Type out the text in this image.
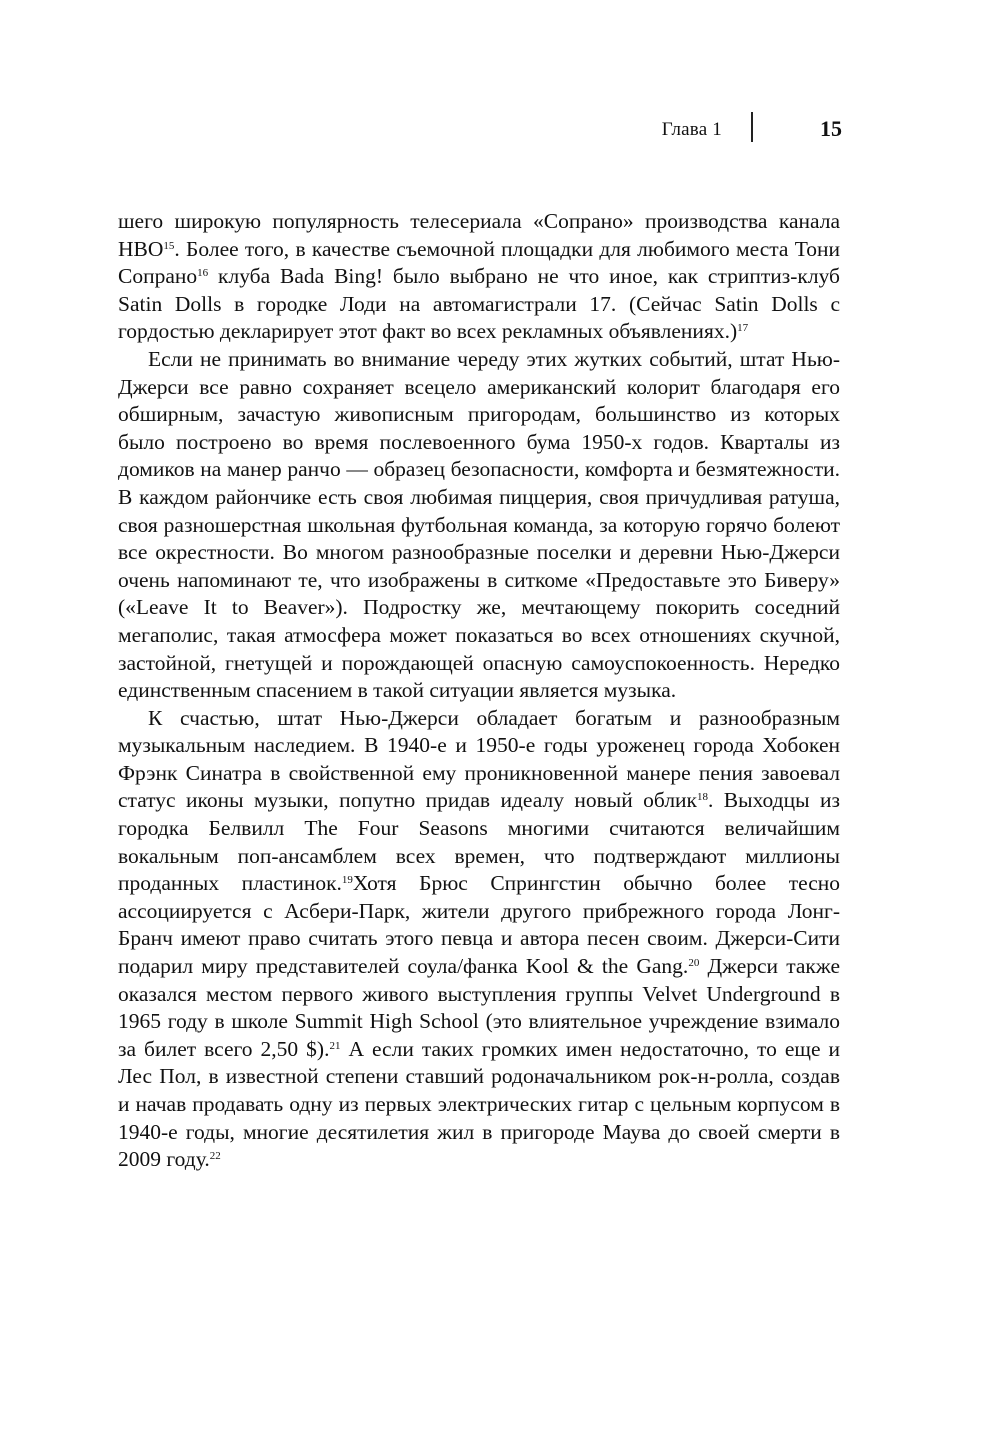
Глава 1	15

шего широкую популярность телесериала «Сопрано» производства канала HBO$^{15}$. Более того, в качестве съемочной площадки для любимого места Тони Сопрано$^{16}$ клуба Bada Bing! было выбрано не что иное, как стриптиз-клуб Satin Dolls в городке Лоди на автомагистрали 17. (Сейчас Satin Dolls с гордостью декларирует этот факт во всех рекламных объявлениях.)$^{17}$

Если не принимать во внимание череду этих жутких событий, штат Нью-Джерси все равно сохраняет всецело американский колорит благодаря его обширным, зачастую живописным пригородам, большинство из которых было построено во время послевоенного бума 1950-х годов. Кварталы из домиков на манер ранчо — образец безопасности, комфорта и безмятежности. В каждом райончике есть своя любимая пиццерия, своя причудливая ратуша, своя разношерстная школьная футбольная команда, за которую горячо болеют все окрестности. Во многом разнообразные поселки и деревни Нью-Джерси очень напоминают те, что изображены в ситкоме «Предоставьте это Биверу» («Leave It to Beaver»). Подростку же, мечтающему покорить соседний мегаполис, такая атмосфера может показаться во всех отношениях скучной, застойной, гнетущей и порождающей опасную самоуспокоенность. Нередко единственным спасением в такой ситуации является музыка.

К счастью, штат Нью-Джерси обладает богатым и разнообразным музыкальным наследием. В 1940-е и 1950-е годы уроженец города Хобокен Фрэнк Синатра в свойственной ему проникновенной манере пения завоевал статус иконы музыки, попутно придав идеалу новый облик$^{18}$. Выходцы из городка Белвилл The Four Seasons многими считаются величайшим вокальным поп-ансамблем всех времен, что подтверждают миллионы проданных пластинок.$^{19}$Хотя Брюс Спрингстин обычно более тесно ассоциируется с Асбери-Парк, жители другого прибрежного города Лонг-Бранч имеют право считать этого певца и автора песен своим. Джерси-Сити подарил миру представителей соула/фанка Kool & the Gang.$^{20}$ Джерси также оказался местом первого живого выступления группы Velvet Underground в 1965 году в школе Summit High School (это влиятельное учреждение взимало за билет всего 2,50 $).$^{21}$ А если таких громких имен недостаточно, то еще и Лес Пол, в известной степени ставший родоначальником рок-н-ролла, создав и начав продавать одну из первых электрических гитар с цельным корпусом в 1940-е годы, многие десятилетия жил в пригороде Маува до своей смерти в 2009 году.$^{22}$
